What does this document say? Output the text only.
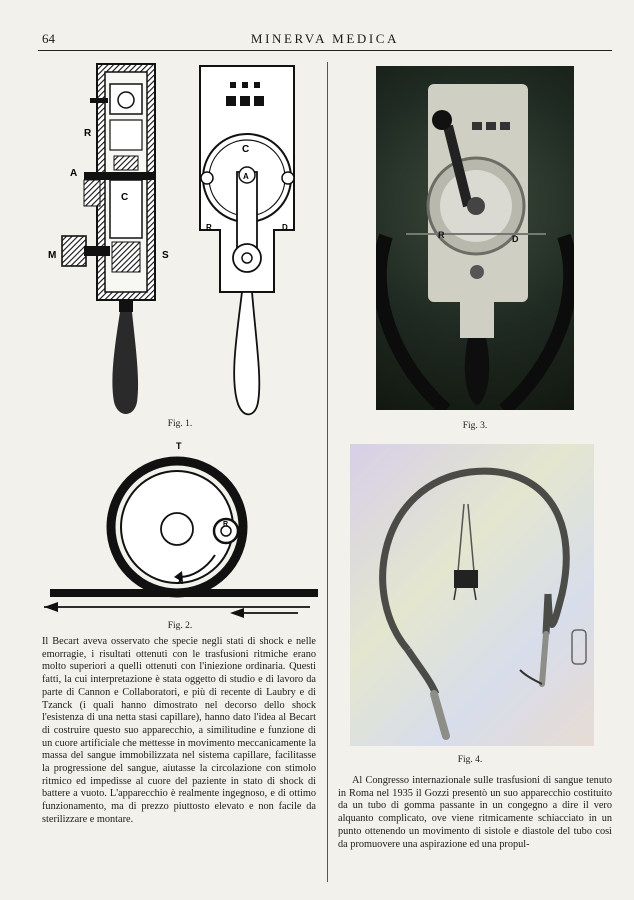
64	MINERVA MEDICA
R
A
C
M	S
C
A
R	D
Fig. 1.
T
R
X
Fig. 2.
R	D
Fig. 3.
Fig. 4.

Il Becart aveva osservato che specie negli stati di shock e nelle emorragie, i risultati ottenuti con le trasfusioni ritmiche erano molto superiori a quelli ottenuti con l'iniezione ordinaria. Questi fatti, la cui interpretazione è stata oggetto di studio e di lavoro da parte di Cannon e Collaboratori, e più di recente di Laubry e di Tzanck (i quali hanno dimostrato nel decorso dello shock l'esistenza di una netta stasi capillare), hanno dato l'idea al Becart di costruire questo suo apparecchio, a similitudine e funzione di un cuore artificiale che mettesse in movimento meccanicamente la massa del sangue immobilizzata nel sistema capillare, facilitasse la progressione del sangue, aiutasse la circolazione con stimolo ritmico ed impedisse al cuore del paziente in stato di shock di battere a vuoto. L'apparecchio è realmente ingegnoso, e di ottimo funzionamento, ma di prezzo piuttosto elevato e non facile da sterilizzare e montare.

Al Congresso internazionale sulle trasfusioni di sangue tenuto in Roma nel 1935 il Gozzi presentò un suo apparecchio costituito da un tubo di gomma passante in un congegno a dire il vero alquanto complicato, ove viene ritmicamente schiacciato in un punto ottenendo un movimento di sistole e diastole del tubo così da promuovere una aspirazione ed una propul-
